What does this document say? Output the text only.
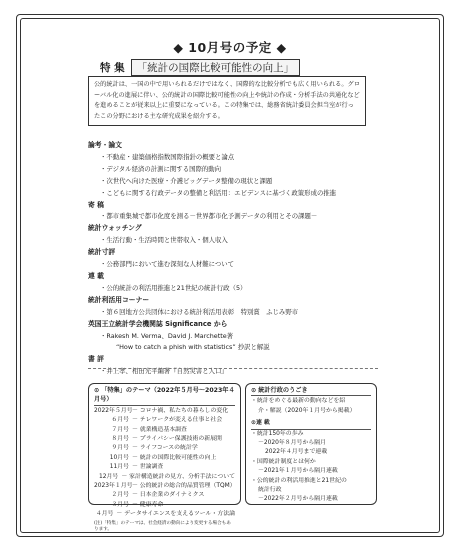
◆ 10月号の予定 ◆
特 集	「統計の国際比較可能性の向上」
公的統計は、一国の中で用いられるだけではなく、国際的な比較分析でも広く用いられる。グローバル化の進展に伴い、公的統計の国際比較可能性の向上や統計の作成・分析手法の共通化などを進めることが従来以上に重要になっている。この特集では、総務省統計委員会担当室が行ったこの分野における主な研究成果を紹介する。
論考・論文
・不動産・建築価格指数国際指針の概要と論点
・デジタル経済の計測に関する国際的動向
・次世代へ向けた医療・介護ビッグデータ整備の現状と課題
・こどもに関する行政データの整備と利活用：エビデンスに基づく政策形成の推進
寄 稿
・都市重集城で都市化度を測る－世界都市化予測データの利用とその課題－
統計ウォッチング
・生活行動・生活時間と世帯収入・個人収入
統計寸評
・公務部門において進む深刻な人材難について
連 載
・公的統計の利活用推進と21世紀の統計行政（5）
統計利活用コーナー
・第６回地方公共団体における統計利活用表彰　特別賞　ふじみ野市
英国王立統計学会機関誌 Significance から
・Rakesh M. Verma、David J. Marchette著
“How to catch a phish with statistics” 抄訳と解説
書 評
・井上孝、相田光平編著『自然災害と人口』
⊙ 「特集」のテーマ（2022年５月号～2023年４月号）
2022年５月号 － コロナ禍、私たちの暮らしの変化
６月号 － テレワークが変える仕事と社会
７月号 － 就業構造基本調査
８月号 － プライバシー保護技術の新展開
９月号 － ライフコースの統計学
10月号 － 統計の国際比較可能性の向上
11月号 － 世論調査
12月号 － 家計構造統計の見方、分析手法について
2023年１月号 － 公的統計の総合的品質管理（TQM）
２月号 － 日本企業のダイナミクス
３月号 － 健康寿命
４月号 － データサイエンスを支えるツール・方法論
(注)「特集」のテーマは、社会経済の動向により変更する場合もあります。
⊙ 統計行政のうごき
・統計をめぐる最新の動向などを紹
介・解説（2020年１月号から掲載）
⊙連 載
・統計150年の歩み
－2020年８月号から隔月
2022年４月号まで連載
・国際統計制度とは何か
－2021年１月号から隔月連載
・公的統計の利活用推進と21世紀の
統計行政
－2022年２月号から隔月連載
